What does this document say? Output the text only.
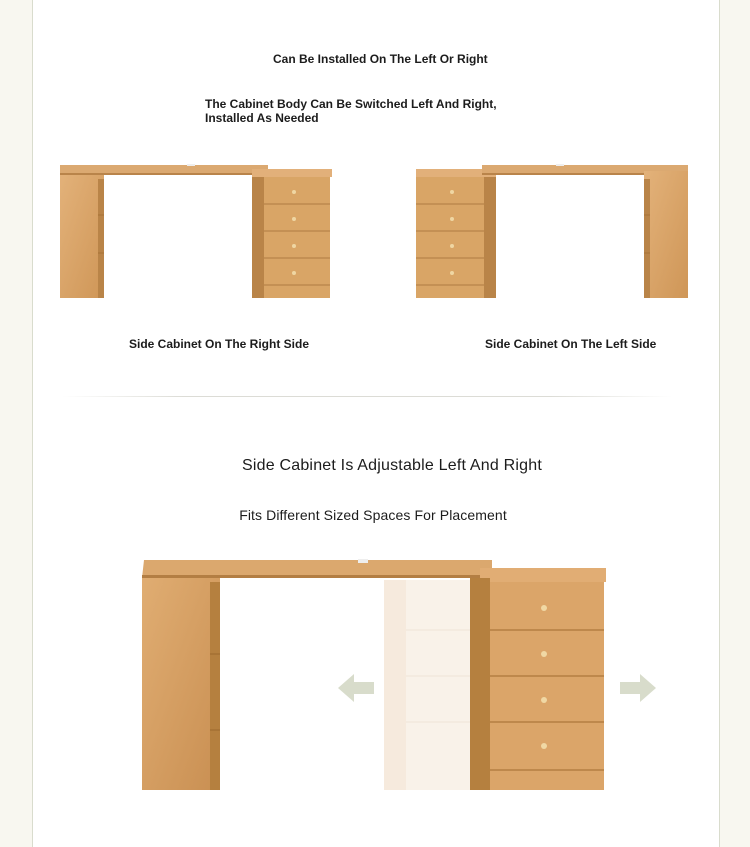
Can Be Installed On The Left Or Right

The Cabinet Body Can Be Switched Left And Right,
Installed As Needed

Side Cabinet On The Right Side	Side Cabinet On The Left Side

Side Cabinet Is Adjustable Left And Right

Fits Different Sized Spaces For Placement
